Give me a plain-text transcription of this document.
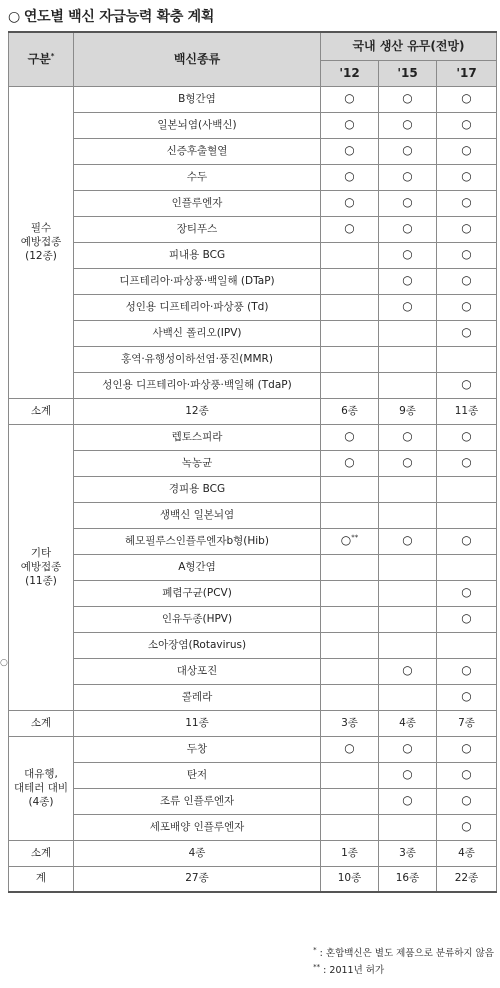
○ 연도별 백신 자급능력 확충 계획
○
구분*	백신종류	국내 생산 유무(전망)		
		'12	'15	'17

필수
예방접종
(12종)	B형간염	○	○	○
	일본뇌염(사백신)	○	○	○
	신증후출혈열	○	○	○
	수두	○	○	○
	인플루엔자	○	○	○
	장티푸스	○	○	○
	피내용 BCG		○	○
	디프테리아·파상풍·백일해 (DTaP)		○	○
	성인용 디프테리아·파상풍 (Td)		○	○
	사백신 폴리오(IPV)			○
	홍역·유행성이하선염·풍진(MMR)			
	성인용 디프테리아·파상풍·백일해 (TdaP)			○
소계	12종	6종	9종	11종

기타
예방접종
(11종)	렙토스피라	○	○	○
	녹농균	○	○	○
	경피용 BCG			
	생백신 일본뇌염			
	헤모필루스인플루엔자b형(Hib)	○**	○	○
	A형간염			
	폐렴구균(PCV)			○
	인유두종(HPV)			○
	소아장염(Rotavirus)			
	대상포진		○	○
	콜레라			○
소계	11종	3종	4종	7종

대유행,
대테러 대비
(4종)	두창	○	○	○
	탄저		○	○
	조류 인플루엔자		○	○
	세포배양 인플루엔자			○
소계	4종	1종	3종	4종
계	27종	10종	16종	22종
* : 혼합백신은 별도 제품으로 분류하지 않음
** : 2011년 허가
